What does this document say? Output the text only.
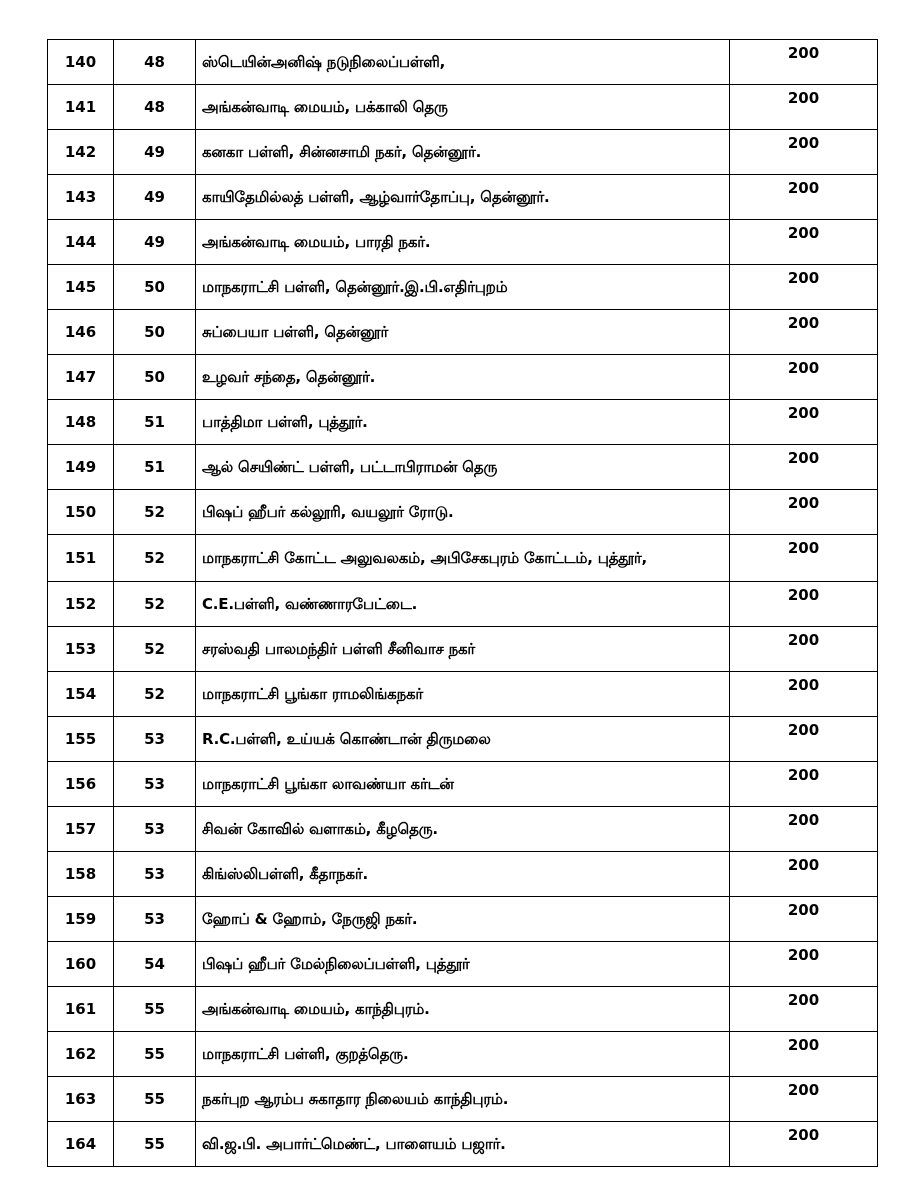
140	48	ஸ்டெயின்அனிஷ் நடுநிலைப்பள்ளி,	200
141	48	அங்கன்வாடி மையம், பக்காலி தெரு	200
142	49	கனகா பள்ளி, சின்னசாமி நகர், தென்னூர்.	200
143	49	காயிதேமில்லத் பள்ளி, ஆழ்வார்தோப்பு, தென்னூர்.	200
144	49	அங்கன்வாடி மையம், பாரதி நகர்.	200
145	50	மாநகராட்சி பள்ளி, தென்னூர்.இ.பி.எதிர்புறம்	200
146	50	சுப்பையா பள்ளி, தென்னூர்	200
147	50	உழவர் சந்தை, தென்னூர்.	200
148	51	பாத்திமா பள்ளி, புத்தூர்.	200
149	51	ஆல் செயிண்ட் பள்ளி, பட்டாபிராமன் தெரு	200
150	52	பிஷப் ஹீபர் கல்லூரி, வயலூர் ரோடு.	200
151	52	மாநகராட்சி கோட்ட அலுவலகம், அபிசேகபுரம் கோட்டம், புத்தூர்,	200
152	52	C.E.பள்ளி, வண்ணாரபேட்டை.	200
153	52	சரஸ்வதி பாலமந்திர் பள்ளி சீனிவாச நகர்	200
154	52	மாநகராட்சி பூங்கா ராமலிங்கநகர்	200
155	53	R.C.பள்ளி, உய்யக் கொண்டான் திருமலை	200
156	53	மாநகராட்சி பூங்கா லாவண்யா கர்டன்	200
157	53	சிவன் கோவில் வளாகம், கீழதெரு.	200
158	53	கிங்ஸ்லிபள்ளி, கீதாநகர்.	200
159	53	ஹோப் & ஹோம், நேருஜி நகர்.	200
160	54	பிஷப் ஹீபர் மேல்நிலைப்பள்ளி, புத்தூர்	200
161	55	அங்கன்வாடி மையம், காந்திபுரம்.	200
162	55	மாநகராட்சி பள்ளி, குறத்தெரு.	200
163	55	நகர்புற ஆரம்ப சுகாதார நிலையம் காந்திபுரம்.	200
164	55	வி.ஜ.பி. அபார்ட்மெண்ட், பாளையம் பஜார்.	200
